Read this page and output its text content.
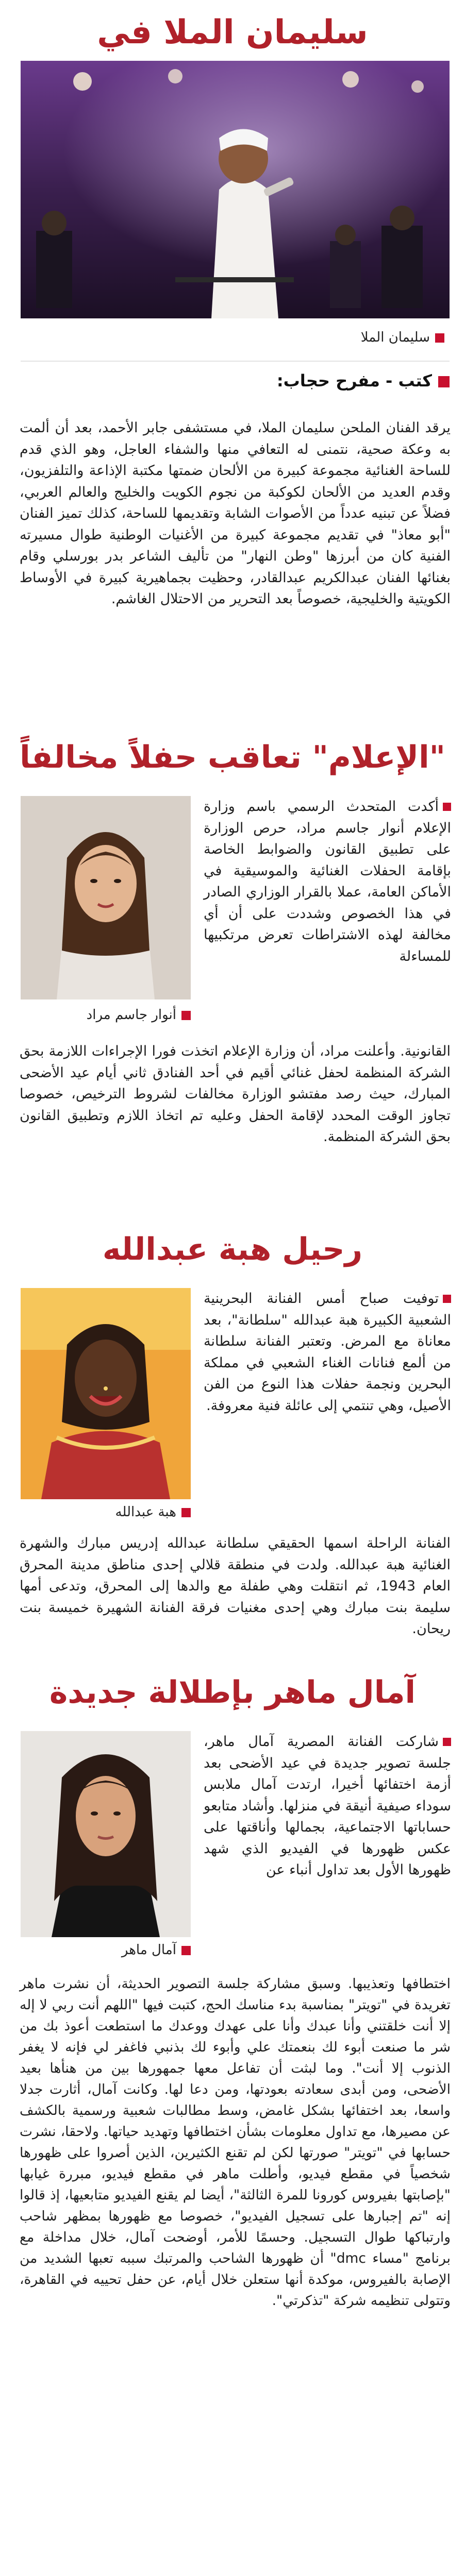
سليمان الملا في
سليمان الملا
كتب - مفرح حجاب:

يرقد الفنان الملحن سليمان الملا، في مستشفى جابر الأحمد، بعد أن ألمت به وعكة صحية، نتمنى له التعافي منها والشفاء العاجل، وهو الذي قدم للساحة الغنائية مجموعة كبيرة من الألحان ضمتها مكتبة الإذاعة والتلفزيون، وقدم العديد من الألحان لكوكبة من نجوم الكويت والخليج والعالم العربي، فضلاً عن تبنيه عدداً من الأصوات الشابة وتقديمها للساحة، كذلك تميز الفنان "أبو معاذ" في تقديم مجموعة كبيرة من الأغنيات الوطنية طوال مسيرته الفنية كان من أبرزها "وطن النهار" من تأليف الشاعر بدر بورسلي وقام بغنائها الفنان عبدالكريم عبدالقادر، وحظيت بجماهيرية كبيرة في الأوساط الكويتية والخليجية، خصوصاً بعد التحرير من الاحتلال الغاشم.

"الإعلام" تعاقب حفلاً مخالفاً
أنوار جاسم مراد

أكدت المتحدث الرسمي باسم وزارة الإعلام أنوار جاسم مراد، حرص الوزارة على تطبيق القانون والضوابط الخاصة بإقامة الحفلات الغنائية والموسيقية في الأماكن العامة، عملا بالقرار الوزاري الصادر في هذا الخصوص وشددت على أن أي مخالفة لهذه الاشتراطات تعرض مرتكبيها للمساءلة

القانونية. وأعلنت مراد، أن وزارة الإعلام اتخذت فورا الإجراءات اللازمة بحق الشركة المنظمة لحفل غنائي أقيم في أحد الفنادق ثاني أيام عيد الأضحى المبارك، حيث رصد مفتشو الوزارة مخالفات لشروط الترخيص، خصوصا تجاوز الوقت المحدد لإقامة الحفل وعليه تم اتخاذ اللازم وتطبيق القانون بحق الشركة المنظمة.

رحيل هبة عبدالله
هبة عبدالله

توفيت صباح أمس الفنانة البحرينية الشعبية الكبيرة هبة عبدالله "سلطانة"، بعد معاناة مع المرض. وتعتبر الفنانة سلطانة من ألمع فنانات الغناء الشعبي في مملكة البحرين ونجمة حفلات هذا النوع من الفن الأصيل، وهي تنتمي إلى عائلة فنية معروفة.

الفنانة الراحلة اسمها الحقيقي سلطانة عبدالله إدريس مبارك والشهرة الغنائية هبة عبدالله. ولدت في منطقة قلالي إحدى مناطق مدينة المحرق العام 1943، ثم انتقلت وهي طفلة مع والدها إلى المحرق، وتدعى أمها سليمة بنت مبارك وهي إحدى مغنيات فرقة الفنانة الشهيرة خميسة بنت ريحان.

آمال ماهر بإطلالة جديدة
آمال ماهر

شاركت الفنانة المصرية آمال ماهر، جلسة تصوير جديدة في عيد الأضحى بعد أزمة اختفائها أخيرا، ارتدت آمال ملابس سوداء صيفية أنيقة في منزلها. وأشاد متابعو حساباتها الاجتماعية، بجمالها وأناقتها على عكس ظهورها في الفيديو الذي شهد ظهورها الأول بعد تداول أنباء عن

اختطافها وتعذيبها. وسبق مشاركة جلسة التصوير الحديثة، أن نشرت ماهر تغريدة في "تويتر" بمناسبة بدء مناسك الحج، كتبت فيها "اللهم أنت ربي لا إله إلا أنت خلقتني وأنا عبدك وأنا على عهدك ووعدك ما استطعت أعوذ بك من شر ما صنعت أبوء لك بنعمتك علي وأبوء لك بذنبي فاغفر لي فإنه لا يغفر الذنوب إلا أنت". وما لبثت أن تفاعل معها جمهورها بين من هنأها بعيد الأضحى، ومن أبدى سعادته بعودتها، ومن دعا لها. وكانت آمال، أثارت جدلا واسعا، بعد اختفائها بشكل غامض، وسط مطالبات شعبية ورسمية بالكشف عن مصيرها، مع تداول معلومات بشأن اختطافها وتهديد حياتها. ولاحقا، نشرت حسابها في "تويتر" صورتها لكن لم تقنع الكثيرين، الذين أصروا على ظهورها شخصياً في مقطع فيديو، وأطلت ماهر في مقطع فيديو، مبررة غيابها "بإصابتها بفيروس كورونا للمرة الثالثة"، أيضا لم يقنع الفيديو متابعيها، إذ قالوا إنه "تم إجبارها على تسجيل الفيديو"، خصوصا مع ظهورها بمظهر شاحب وارتباكها طوال التسجيل. وحسمًا للأمر، أوضحت آمال، خلال مداخلة مع برنامج "مساء dmc" أن ظهورها الشاحب والمرتبك سببه تعبها الشديد من الإصابة بالفيروس، موكدة أنها ستعلن خلال أيام، عن حفل تحييه في القاهرة، وتتولى تنظيمه شركة "تذكرتي".
